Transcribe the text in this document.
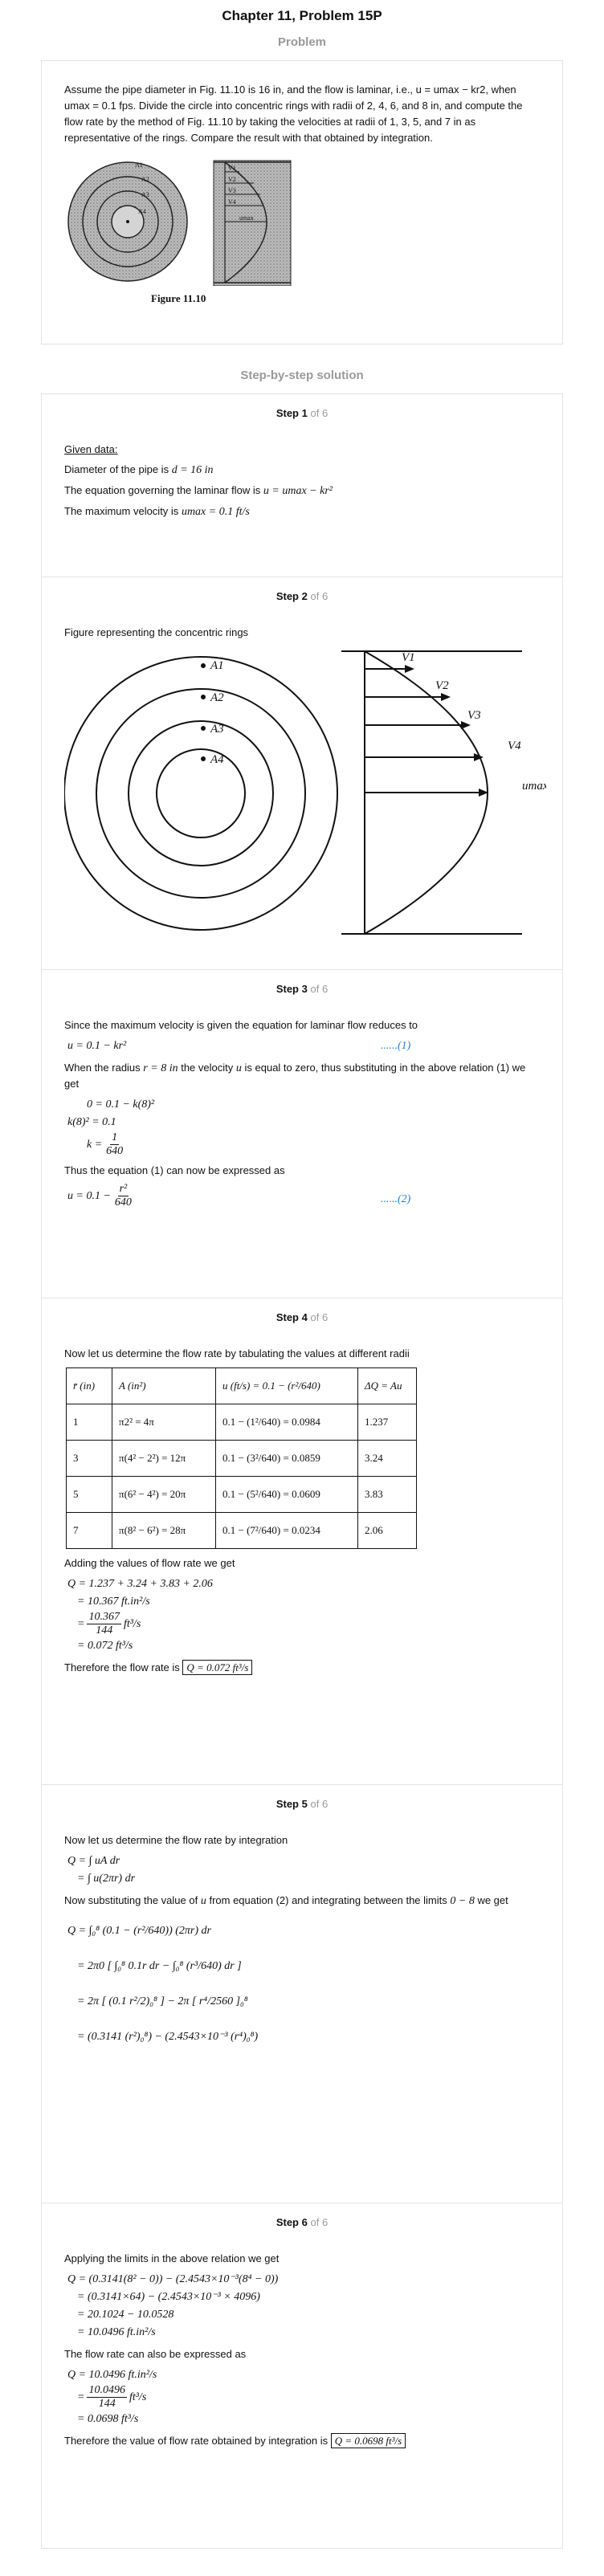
Chapter 11, Problem 15P
Problem
Assume the pipe diameter in Fig. 11.10 is 16 in, and the flow is laminar, i.e., u = umax − kr2, when umax = 0.1 fps. Divide the circle into concentric rings with radii of 2, 4, 6, and 8 in, and compute the flow rate by the method of Fig. 11.10 by taking the velocities at radii of 1, 3, 5, and 7 in as representative of the rings. Compare the result with that obtained by integration.
A1
A2
A3
A4
V1
V2
V3
V4
umax
Figure 11.10
Step-by-step solution
Step 1 of 6
Given data:
Diameter of the pipe is d = 16 in
The equation governing the laminar flow is u = umax − kr²
The maximum velocity is umax = 0.1 ft/s
Step 2 of 6
Figure representing the concentric rings
A1
A2
A3
A4
V1
V2
V3
V4
umax
Step 3 of 6
Since the maximum velocity is given the equation for laminar flow reduces to
u = 0.1 − kr²	......(1)
When the radius r = 8 in the velocity u is equal to zero, thus substituting in the above relation (1) we get
0 = 0.1 − k(8)²
k(8)² = 0.1
$k = \frac{1}{640}$
Thus the equation (1) can now be expressed as
$u = 0.1 - \frac{\text{r²}}{640}$	......(2)
Step 4 of 6
Now let us determine the flow rate by tabulating the values at different radii
r̄ (in)	A (in²)	u (ft/s) = 0.1 − (r²/640)	ΔQ = Au
1	π2² = 4π	0.1 − (1²/640) = 0.0984	1.237
3	π(4² − 2²) = 12π	0.1 − (3²/640) = 0.0859	3.24
5	π(6² − 4²) = 20π	0.1 − (5²/640) = 0.0609	3.83
7	π(8² − 6²) = 28π	0.1 − (7²/640) = 0.0234	2.06
Adding the values of flow rate we get
Q = 1.237 + 3.24 + 3.83 + 2.06
= 10.367 ft.in²/s
= $\frac{10.367}{144} ft^3/s$
= 0.072 ft³/s
Therefore the flow rate is Q = 0.072 ft³/s
Step 5 of 6
Now let us determine the flow rate by integration
Q = ∫ uA dr
= ∫ u(2πr) dr
Now substituting the value of u from equation (2) and integrating between the limits 0 − 8 we get
Q = ∫₀⁸ (0.1 − (r²/640)) (2πr) dr
= 2π0 [ ∫₀⁸ 0.1r dr − ∫₀⁸ (r³/640) dr ]
= 2π [ (0.1 r²/2)₀⁸ ] − 2π [ r⁴/2560 ]₀⁸
= (0.3141 (r²)₀⁸) − (2.4543×10⁻³ (r⁴)₀⁸)
Step 6 of 6
Applying the limits in the above relation we get
Q = (0.3141(8² − 0)) − (2.4543×10⁻³(8⁴ − 0))
= (0.3141×64) − (2.4543×10⁻³ × 4096)
= 20.1024 − 10.0528
= 10.0496 ft.in²/s
The flow rate can also be expressed as
Q = 10.0496 ft.in²/s
= $\frac{10.0496}{144} ft^3/s$
= 0.0698 ft³/s
Therefore the value of flow rate obtained by integration is Q = 0.0698 ft³/s
